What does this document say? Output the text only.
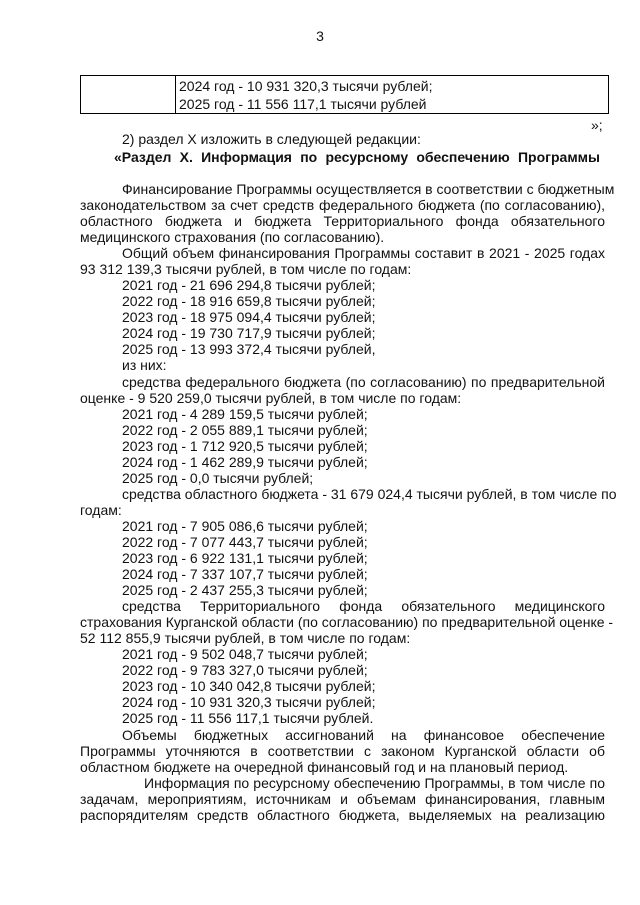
3
2024 год - 10 931 320,3 тысячи рублей;
2025 год - 11 556 117,1 тысячи рублей
»;
2) раздел X изложить в следующей редакции:
«Раздел X. Информация по ресурсному обеспечению Программы
Финансирование Программы осуществляется в соответствии с бюджетным
законодательством за счет средств федерального бюджета (по согласованию),
областного бюджета и бюджета Территориального фонда обязательного
медицинского страхования (по согласованию).
Общий объем финансирования Программы составит в 2021 - 2025 годах
93 312 139,3 тысячи рублей, в том числе по годам:
2021 год - 21 696 294,8 тысячи рублей;
2022 год - 18 916 659,8 тысячи рублей;
2023 год - 18 975 094,4 тысячи рублей;
2024 год - 19 730 717,9 тысячи рублей;
2025 год - 13 993 372,4 тысячи рублей,
из них:
средства федерального бюджета (по согласованию) по предварительной
оценке - 9 520 259,0 тысячи рублей, в том числе по годам:
2021 год - 4 289 159,5 тысячи рублей;
2022 год - 2 055 889,1 тысячи рублей;
2023 год - 1 712 920,5 тысячи рублей;
2024 год - 1 462 289,9 тысячи рублей;
2025 год - 0,0 тысячи рублей;
средства областного бюджета - 31 679 024,4 тысячи рублей, в том числе по
годам:
2021 год - 7 905 086,6 тысячи рублей;
2022 год - 7 077 443,7 тысячи рублей;
2023 год - 6 922 131,1 тысячи рублей;
2024 год - 7 337 107,7 тысячи рублей;
2025 год - 2 437 255,3 тысячи рублей;
средства Территориального фонда обязательного медицинского
страхования Курганской области (по согласованию) по предварительной оценке -
52 112 855,9 тысячи рублей, в том числе по годам:
2021 год - 9 502 048,7 тысячи рублей;
2022 год - 9 783 327,0 тысячи рублей;
2023 год - 10 340 042,8 тысячи рублей;
2024 год - 10 931 320,3 тысячи рублей;
2025 год - 11 556 117,1 тысячи рублей.
Объемы бюджетных ассигнований на финансовое обеспечение
Программы уточняются в соответствии с законом Курганской области об
областном бюджете на очередной финансовый год и на плановый период.
Информация по ресурсному обеспечению Программы, в том числе по
задачам, мероприятиям, источникам и объемам финансирования, главным
распорядителям средств областного бюджета, выделяемых на реализацию
